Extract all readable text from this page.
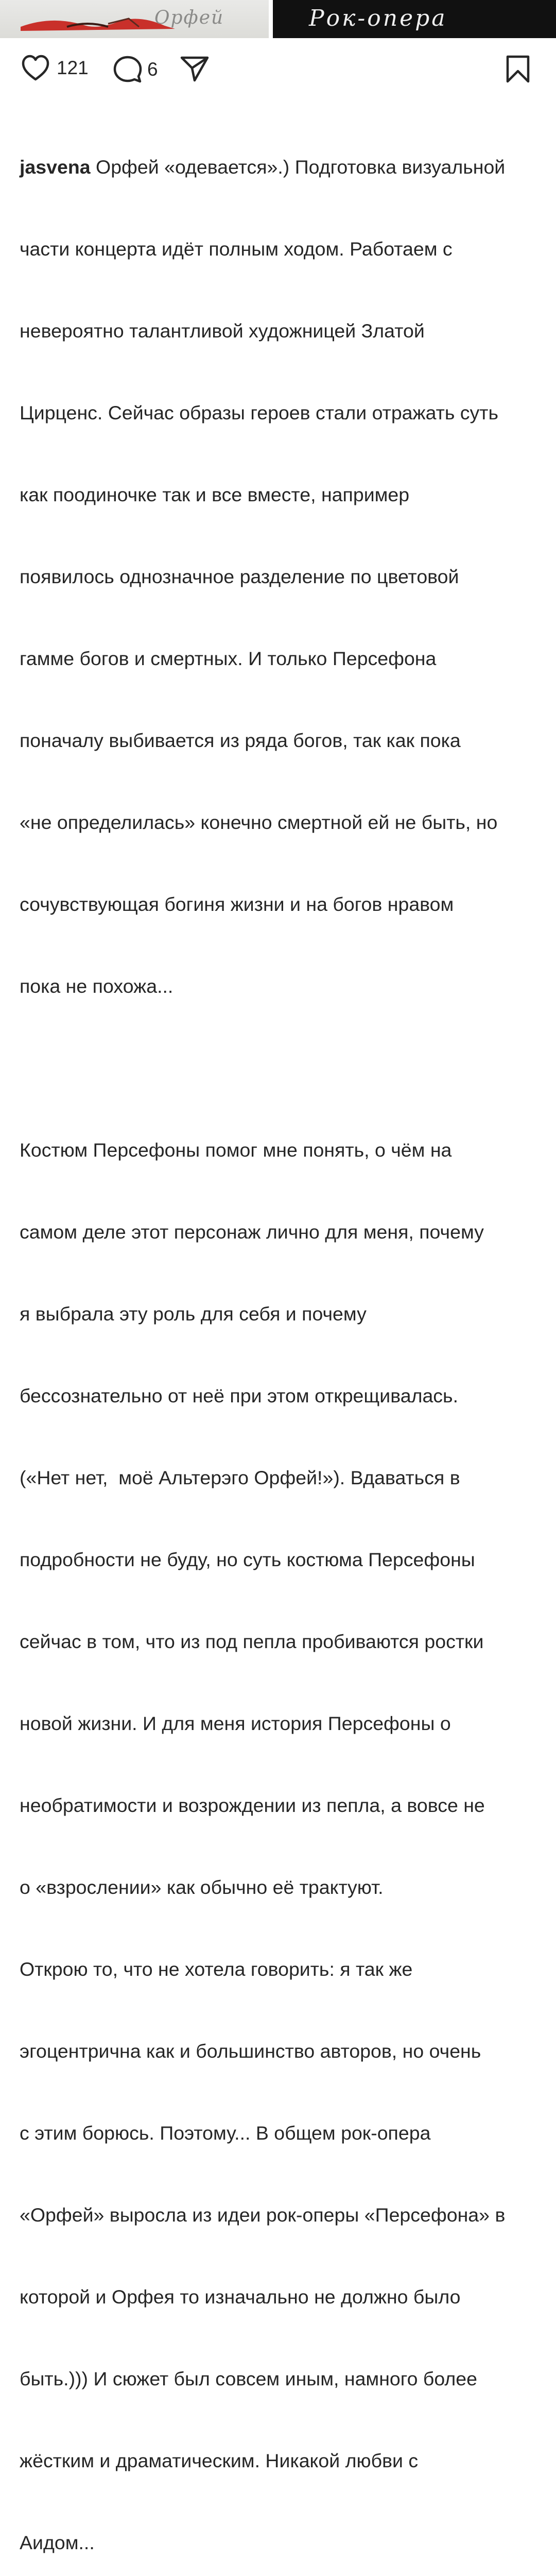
Орфей	Рок-опера
121	6

jasvena Орфей «одевается».) Подготовка визуальной

части концерта идёт полным ходом. Работаем с

невероятно талантливой художницей Златой

Цирценс. Сейчас образы героев стали отражать суть

как поодиночке так и все вместе, например

появилось однозначное разделение по цветовой

гамме богов и смертных. И только Персефона

поначалу выбивается из ряда богов, так как пока

«не определилась» конечно смертной ей не быть, но

сочувствующая богиня жизни и на богов нравом

пока не похожа...

Костюм Персефоны помог мне понять, о чём на

самом деле этот персонаж лично для меня, почему

я выбрала эту роль для себя и почему

бессознательно от неё при этом открещивалась.

(«Нет нет,  моё Альтерэго Орфей!»). Вдаваться в

подробности не буду, но суть костюма Персефоны

сейчас в том, что из под пепла пробиваются ростки

новой жизни. И для меня история Персефоны о

необратимости и возрождении из пепла, а вовсе не

о «взрослении» как обычно её трактуют.

Открою то, что не хотела говорить: я так же

эгоцентрична как и большинство авторов, но очень

с этим борюсь. Поэтому... В общем рок-опера

«Орфей» выросла из идеи рок-оперы «Персефона» в

которой и Орфея то изначально не должно было

быть.))) И сюжет был совсем иным, намного более

жёстким и драматическим. Никакой любви с

Аидом...
